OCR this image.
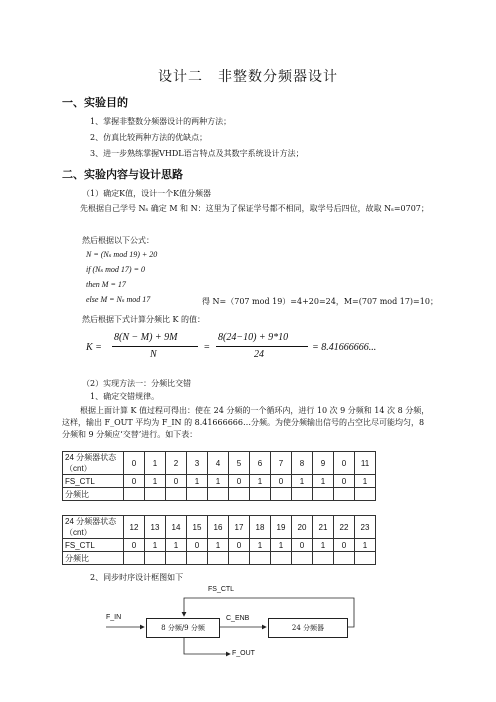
设计二　非整数分频器设计
一、实验目的
1、掌握非整数分频器设计的两种方法；
2、仿真比较两种方法的优缺点；
3、进一步熟练掌握VHDL语言特点及其数字系统设计方法；
二、实验内容与设计思路
（1）确定K值，设计一个K值分频器
先根据自己学号 Nₛ 确定 M 和 N：这里为了保证学号都不相同，取学号后四位，故取 Nₛ=0707；
然后根据以下公式：
N = (Nₛ mod 19) + 20
if (Nₛ mod 17) = 0
then M = 17
else M = Nₛ mod 17	得 N=（707 mod 19）=4+20=24，M=(707 mod 17)=10；
然后根据下式计算分频比 K 的值：
K =
8(N − M) + 9M
N
=
8(24−10) + 9*10
24
= 8.41666666...
（2）实现方法一：分频比交错
1、确定交错规律。
根据上面计算 K 值过程可得出：使在 24 分频的一个循环内，进行 10 次 9 分频和 14 次 8 分频，这样，输出 F_OUT 平均为 F_IN 的 8.41666666…分频。为使分频输出信号的占空比尽可能均匀，8 分频和 9 分频应‘交替’进行。如下表：
24 分频器状态（cnt）	0	1	2	3	4	5	6	7	8	9	0	11
FS_CTL	0	1	0	1	1	0	1	0	1	1	0	1
分频比												
24 分频器状态（cnt）	12	13	14	15	16	17	18	19	20	21	22	23
FS_CTL	0	1	1	0	1	0	1	1	0	1	0	1
分频比												
2、同步时序设计框图如下
8 分频/9 分频	24 分频器
FS_CTL
F_IN	C_ENB
F_OUT
